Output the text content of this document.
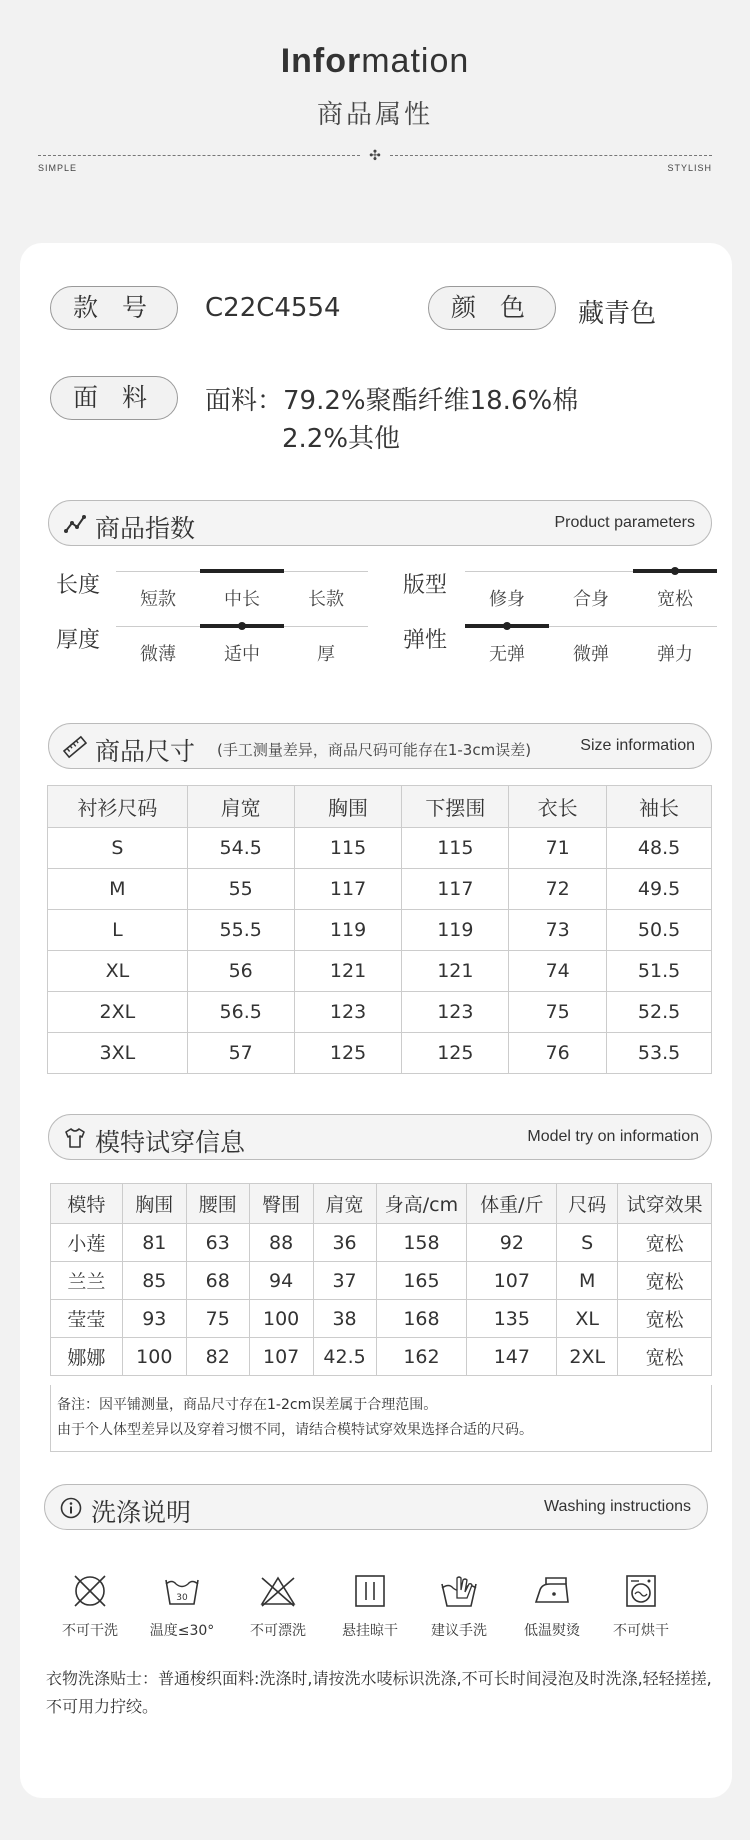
Information
商品属性
✣
SIMPLE	STYLISH
款 号	C22C4554	颜 色	藏青色
面 料	面料：79.2%聚酯纤维18.6%棉
2.2%其他
商品指数	Product parameters
长度
短款	中长	长款
版型
修身	合身	宽松
厚度
微薄	适中	厚
弹性
无弹	微弹	弹力
商品尺寸 (手工测量差异，商品尺码可能存在1-3cm误差)	Size information
衬衫尺码	肩宽	胸围	下摆围	衣长	袖长
S	54.5	115	115	71	48.5
M	55	117	117	72	49.5
L	55.5	119	119	73	50.5
XL	56	121	121	74	51.5
2XL	56.5	123	123	75	52.5
3XL	57	125	125	76	53.5
模特试穿信息	Model try on information
模特	胸围	腰围	臀围	肩宽	身高/cm	体重/斤	尺码	试穿效果
小莲	81	63	88	36	158	92	S	宽松
兰兰	85	68	94	37	165	107	M	宽松
莹莹	93	75	100	38	168	135	XL	宽松
娜娜	100	82	107	42.5	162	147	2XL	宽松
备注：因平铺测量，商品尺寸存在1-2cm误差属于合理范围。
由于个人体型差异以及穿着习惯不同，请结合模特试穿效果选择合适的尺码。
洗涤说明	Washing instructions
不可干洗
30
温度≤30°	不可漂洗	悬挂晾干	建议手洗	低温熨烫	不可烘干
衣物洗涤贴士：普通梭织面料:洗涤时,请按洗水唛标识洗涤,不可长时间浸泡及时洗涤,轻轻搓搓,不可用力拧绞。
